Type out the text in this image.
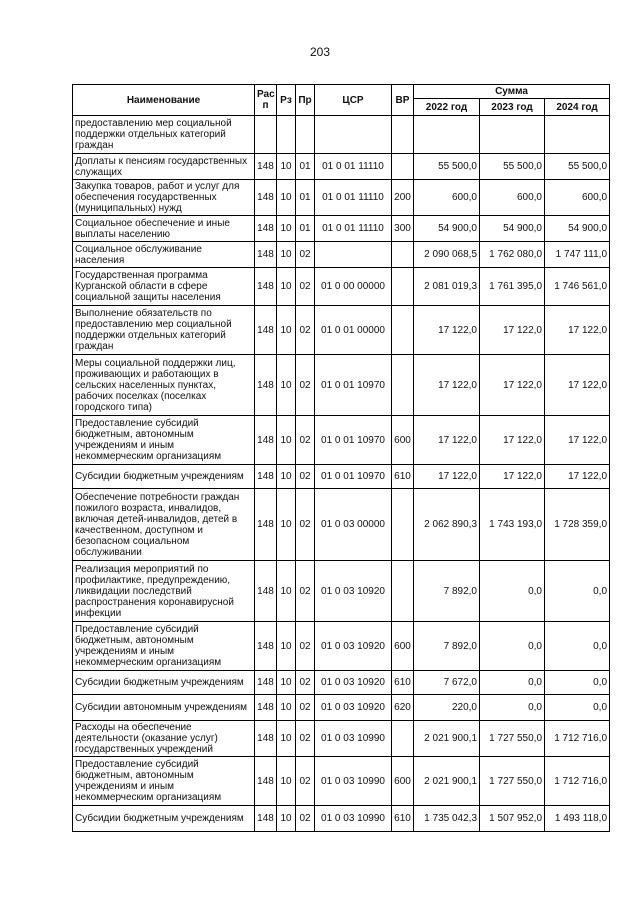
203
Наименование	Рас п	Рз	Пр	ЦСР	ВР	Сумма		
						2022 год	2023 год	2024 год
предоставлению мер социальной поддержки отдельных категорий граждан								
Доплаты к пенсиям государственных служащих	148	10	01	01 0 01 11110		55 500,0	55 500,0	55 500,0
Закупка товаров, работ и услуг для обеспечения государственных (муниципальных) нужд	148	10	01	01 0 01 11110	200	600,0	600,0	600,0
Социальное обеспечение и иные выплаты населению	148	10	01	01 0 01 11110	300	54 900,0	54 900,0	54 900,0
Социальное обслуживание населения	148	10	02			2 090 068,5	1 762 080,0	1 747 111,0
Государственная программа Курганской области в сфере социальной защиты населения	148	10	02	01 0 00 00000		2 081 019,3	1 761 395,0	1 746 561,0
Выполнение обязательств по предоставлению мер социальной поддержки отдельных категорий граждан	148	10	02	01 0 01 00000		17 122,0	17 122,0	17 122,0
Меры социальной поддержки лиц, проживающих и работающих в сельских населенных пунктах, рабочих поселках (поселках городского типа)	148	10	02	01 0 01 10970		17 122,0	17 122,0	17 122,0
Предоставление субсидий бюджетным, автономным учреждениям и иным некоммерческим организациям	148	10	02	01 0 01 10970	600	17 122,0	17 122,0	17 122,0
Субсидии бюджетным учреждениям	148	10	02	01 0 01 10970	610	17 122,0	17 122,0	17 122,0
Обеспечение потребности граждан пожилого возраста, инвалидов, включая детей-инвалидов, детей в качественном, доступном и безопасном социальном обслуживании	148	10	02	01 0 03 00000		2 062 890,3	1 743 193,0	1 728 359,0
Реализация мероприятий по профилактике, предупреждению, ликвидации последствий распространения коронавирусной инфекции	148	10	02	01 0 03 10920		7 892,0	0,0	0,0
Предоставление субсидий бюджетным, автономным учреждениям и иным некоммерческим организациям	148	10	02	01 0 03 10920	600	7 892,0	0,0	0,0
Субсидии бюджетным учреждениям	148	10	02	01 0 03 10920	610	7 672,0	0,0	0,0
Субсидии автономным учреждениям	148	10	02	01 0 03 10920	620	220,0	0,0	0,0
Расходы на обеспечение деятельности (оказание услуг) государственных учреждений	148	10	02	01 0 03 10990		2 021 900,1	1 727 550,0	1 712 716,0
Предоставление субсидий бюджетным, автономным учреждениям и иным некоммерческим организациям	148	10	02	01 0 03 10990	600	2 021 900,1	1 727 550,0	1 712 716,0
Субсидии бюджетным учреждениям	148	10	02	01 0 03 10990	610	1 735 042,3	1 507 952,0	1 493 118,0
